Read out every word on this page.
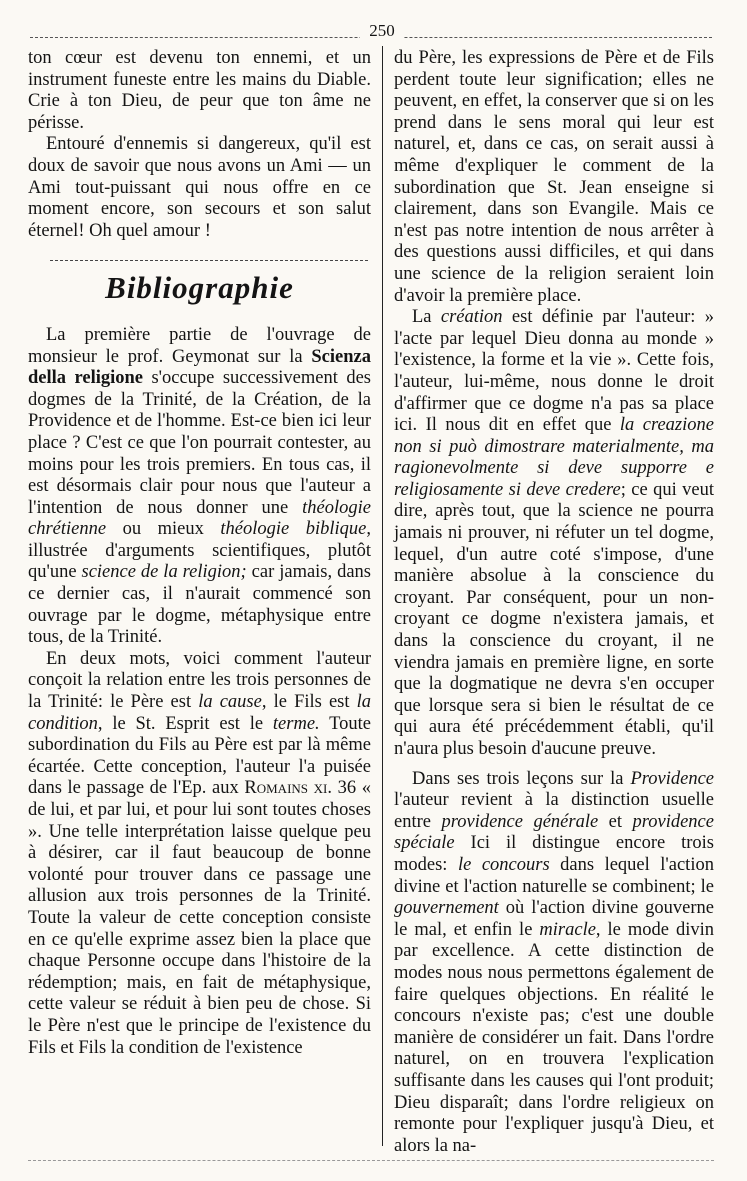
250

ton cœur est devenu ton ennemi, et un instrument funeste entre les mains du Diable. Crie à ton Dieu, de peur que ton âme ne périsse.

Entouré d'ennemis si dangereux, qu'il est doux de savoir que nous avons un Ami — un Ami tout-puissant qui nous offre en ce moment encore, son secours et son salut éternel! Oh quel amour !

Bibliographie

La première partie de l'ouvrage de monsieur le prof. Geymonat sur la Scienza della religione s'occupe successivement des dogmes de la Trinité, de la Création, de la Providence et de l'homme. Est-ce bien ici leur place ? C'est ce que l'on pourrait contester, au moins pour les trois premiers. En tous cas, il est désormais clair pour nous que l'auteur a l'intention de nous donner une théologie chrétienne ou mieux théologie biblique, illustrée d'arguments scientifiques, plutôt qu'une science de la religion; car jamais, dans ce dernier cas, il n'aurait commencé son ouvrage par le dogme, métaphysique entre tous, de la Trinité.

En deux mots, voici comment l'auteur conçoit la relation entre les trois personnes de la Trinité: le Père est la cause, le Fils est la condition, le St. Esprit est le terme. Toute subordination du Fils au Père est par là même écartée. Cette conception, l'auteur l'a puisée dans le passage de l'Ep. aux Romains xi. 36 « de lui, et par lui, et pour lui sont toutes choses ». Une telle interprétation laisse quelque peu à désirer, car il faut beaucoup de bonne volonté pour trouver dans ce passage une allusion aux trois personnes de la Trinité. Toute la valeur de cette conception consiste en ce qu'elle exprime assez bien la place que chaque Personne occupe dans l'histoire de la rédemption; mais, en fait de métaphysique, cette valeur se réduit à bien peu de chose. Si le Père n'est que le principe de l'existence du Fils et Fils la condition de l'existence

du Père, les expressions de Père et de Fils perdent toute leur signification; elles ne peuvent, en effet, la conserver que si on les prend dans le sens moral qui leur est naturel, et, dans ce cas, on serait aussi à même d'expliquer le comment de la subordination que St. Jean enseigne si clairement, dans son Evangile. Mais ce n'est pas notre intention de nous arrêter à des questions aussi difficiles, et qui dans une science de la religion seraient loin d'avoir la première place.

La création est définie par l'auteur: » l'acte par lequel Dieu donna au monde » l'existence, la forme et la vie ». Cette fois, l'auteur, lui-même, nous donne le droit d'affirmer que ce dogme n'a pas sa place ici. Il nous dit en effet que la creazione non si può dimostrare materialmente, ma ragionevolmente si deve supporre e religiosamente si deve credere; ce qui veut dire, après tout, que la science ne pourra jamais ni prouver, ni réfuter un tel dogme, lequel, d'un autre coté s'impose, d'une manière absolue à la conscience du croyant. Par conséquent, pour un non-croyant ce dogme n'existera jamais, et dans la conscience du croyant, il ne viendra jamais en première ligne, en sorte que la dogmatique ne devra s'en occuper que lorsque sera si bien le résultat de ce qui aura été précédemment établi, qu'il n'aura plus besoin d'aucune preuve.

Dans ses trois leçons sur la Providence l'auteur revient à la distinction usuelle entre providence générale et providence spéciale Ici il distingue encore trois modes: le concours dans lequel l'action divine et l'action naturelle se combinent; le gouvernement où l'action divine gouverne le mal, et enfin le miracle, le mode divin par excellence. A cette distinction de modes nous nous permettons également de faire quelques objections. En réalité le concours n'existe pas; c'est une double manière de considérer un fait. Dans l'ordre naturel, on en trouvera l'explication suffisante dans les causes qui l'ont produit; Dieu disparaît; dans l'ordre religieux on remonte pour l'expliquer jusqu'à Dieu, et alors la na-
